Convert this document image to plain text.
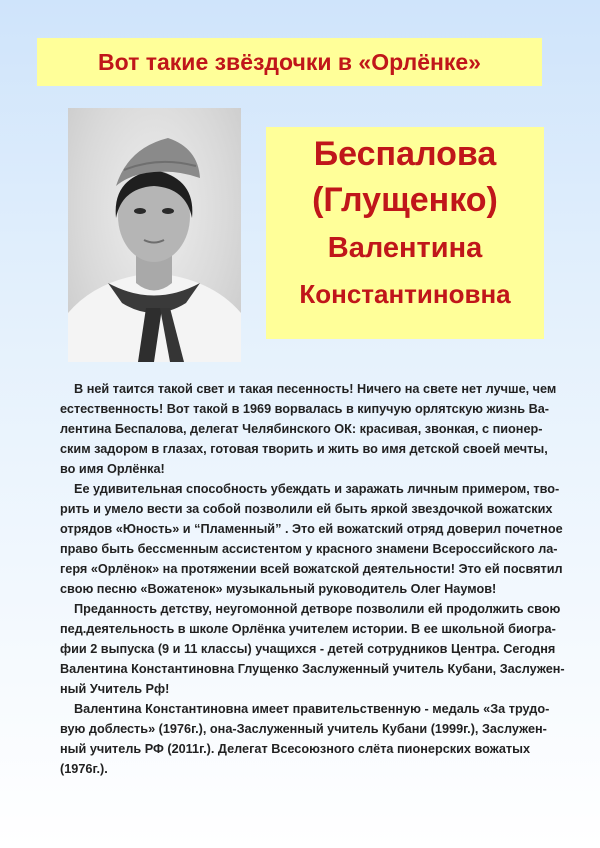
Вот такие звёздочки в «Орлёнке»
Беспалова
(Глущенко)
Валентина
Константиновна
В ней таится такой свет и такая песенность! Ничего на свете нет лучше, чем
естественность! Вот такой в 1969 ворвалась в кипучую орлятскую жизнь Ва-
лентина Беспалова, делегат Челябинского ОК: красивая, звонкая, с пионер-
ским задором в глазах, готовая творить и жить во имя детской своей мечты,
во имя Орлёнка!
Ее удивительная способность убеждать и заражать личным примером, тво-
рить и умело вести за собой позволили ей быть яркой звездочкой вожатских
отрядов «Юность» и “Пламенный” . Это ей вожатский отряд доверил почетное
право быть бессменным ассистентом у красного знамени Всероссийского ла-
геря «Орлёнок» на протяжении всей вожатской деятельности! Это ей посвятил
свою песню «Вожатенок» музыкальный руководитель Олег Наумов!
Преданность детству, неугомонной детворе позволили ей продолжить свою
пед.деятельность в школе Орлёнка учителем истории. В ее школьной биогра-
фии 2 выпуска (9 и 11 классы) учащихся - детей сотрудников Центра. Сегодня
Валентина Константиновна Глущенко Заслуженный учитель Кубани, Заслужен-
ный Учитель Рф!
Валентина Константиновна имеет правительственную - медаль «За трудо-
вую доблесть» (1976г.), она-Заслуженный учитель Кубани (1999г.), Заслужен-
ный учитель РФ (2011г.). Делегат Всесоюзного слёта пионерских вожатых
(1976г.).
